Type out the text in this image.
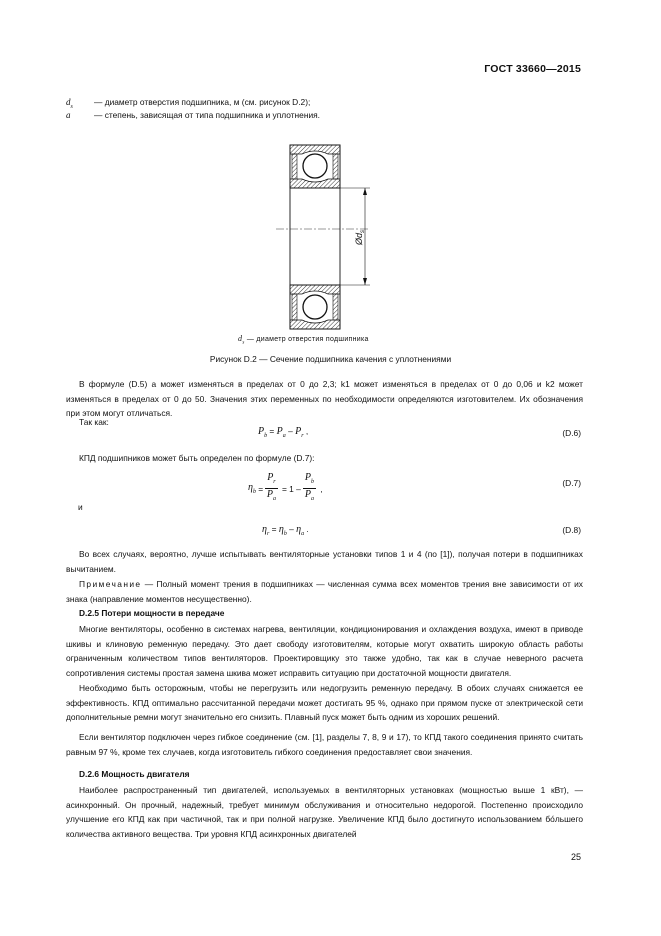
ГОСТ 33660—2015
$d_s$	— диаметр отверстия подшипника, м (см. рисунок D.2);
a	— степень, зависящая от типа подшипника и уплотнения.
$Ød_s$
$d_s$ — диаметр отверстия подшипника
Рисунок D.2 — Сечение подшипника качения с уплотнениями
В формуле (D.5) а может изменяться в пределах от 0 до 2,3; k1 может изменяться в пределах от 0 до 0,06 и k2 может изменяться в пределах от 0 до 50. Значения этих переменных по необходимости определяются изготовителем. Их обозначения при этом могут отличаться.
Так как:
$P_b = P_a - P_r$ ,	(D.6)
КПД подшипников может быть определен по формуле (D.7):
$\eta_b = \frac{P_r}{P_a} = 1 - \frac{P_b}{P_a}$ ,
(D.7)
и
$\eta_r = \eta_b - \eta_a$ .	(D.8)
Во всех случаях, вероятно, лучше испытывать вентиляторные установки типов 1 и 4 (по [1]), получая потери в подшипниках вычитанием.
Примечание — Полный момент трения в подшипниках — численная сумма всех моментов трения вне зависимости от их знака (направление моментов несущественно).
D.2.5 Потери мощности в передаче
Многие вентиляторы, особенно в системах нагрева, вентиляции, кондиционирования и охлаждения воздуха, имеют в приводе шкивы и клиновую ременную передачу. Это дает свободу изготовителям, которые могут охватить широкую область работы ограниченным количеством типов вентиляторов. Проектировщику это также удобно, так как в случае неверного расчета сопротивления системы простая замена шкива может исправить ситуацию при достаточной мощности двигателя.
Необходимо быть осторожным, чтобы не перегрузить или недогрузить ременную передачу. В обоих случаях снижается ее эффективность. КПД оптимально рассчитанной передачи может достигать 95 %, однако при прямом пуске от электрической сети дополнительные ремни могут значительно его снизить. Плавный пуск может быть одним из хороших решений.
Если вентилятор подключен через гибкое соединение (см. [1], разделы 7, 8, 9 и 17), то КПД такого соединения принято считать равным 97 %, кроме тех случаев, когда изготовитель гибкого соединения предоставляет свои значения.
D.2.6 Мощность двигателя
Наиболее распространенный тип двигателей, используемых в вентиляторных установках (мощностью выше 1 кВт), — асинхронный. Он прочный, надежный, требует минимум обслуживания и относительно недорогой. Постепенно происходило улучшение его КПД как при частичной, так и при полной нагрузке. Увеличение КПД было достигнуто использованием бо́льшего количества активного вещества. Три уровня КПД асинхронных двигателей
25
